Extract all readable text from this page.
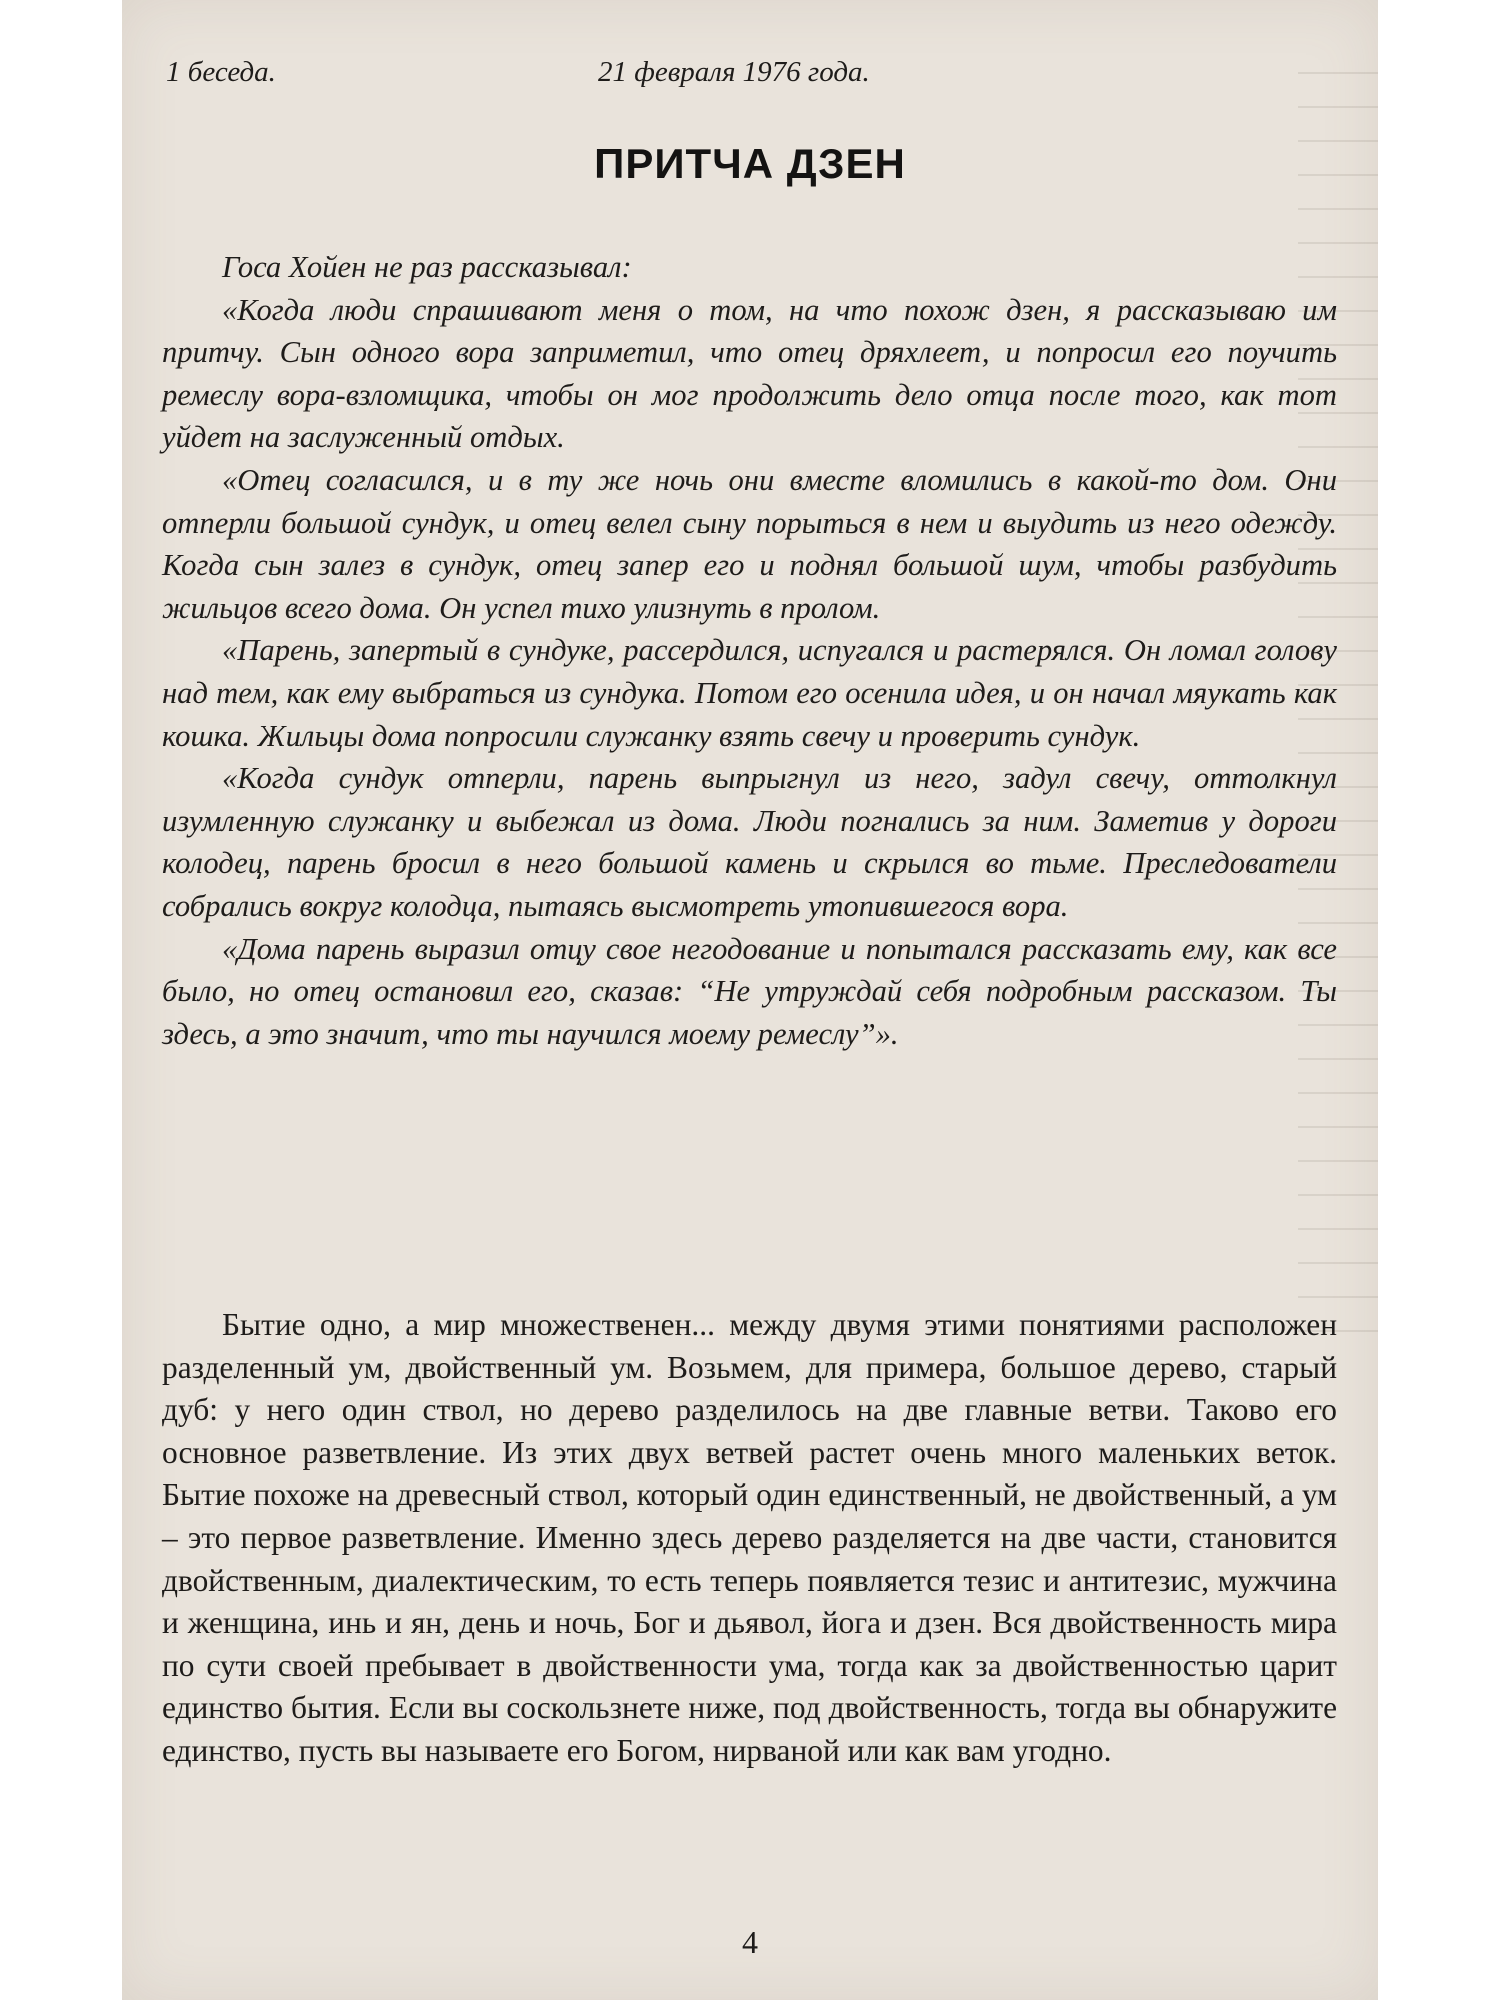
1 беседа.	21 февраля 1976 года.
ПРИТЧА ДЗЕН

Госа Хойен не раз рассказывал:

«Когда люди спрашивают меня о том, на что похож дзен, я рассказываю им притчу. Сын одного вора заприметил, что отец дряхлеет, и попросил его поучить ремеслу вора-взломщика, чтобы он мог продолжить дело отца после того, как тот уйдет на заслуженный отдых.

«Отец согласился, и в ту же ночь они вместе вломились в какой-то дом. Они отперли большой сундук, и отец велел сыну порыться в нем и выудить из него одежду. Когда сын залез в сундук, отец запер его и поднял большой шум, чтобы разбудить жильцов всего дома. Он успел тихо улизнуть в пролом.

«Парень, запертый в сундуке, рассердился, испугался и растерялся. Он ломал голову над тем, как ему выбраться из сундука. Потом его осенила идея, и он начал мяукать как кошка. Жильцы дома попросили служанку взять свечу и проверить сундук.

«Когда сундук отперли, парень выпрыгнул из него, задул свечу, оттолкнул изумленную служанку и выбежал из дома. Люди погнались за ним. Заметив у дороги колодец, парень бросил в него большой камень и скрылся во тьме. Преследователи собрались вокруг колодца, пытаясь высмотреть утопившегося вора.

«Дома парень выразил отцу свое негодование и попытался рассказать ему, как все было, но отец остановил его, сказав: “Не утруждай себя подробным рассказом. Ты здесь, а это значит, что ты научился моему ремеслу”».

Бытие одно, а мир множественен... между двумя этими понятиями расположен разделенный ум, двойственный ум. Возьмем, для примера, большое дерево, старый дуб: у него один ствол, но дерево разделилось на две главные ветви. Таково его основное разветвление. Из этих двух ветвей растет очень много маленьких веток. Бытие похоже на древесный ствол, который один единственный, не двойственный, а ум – это первое разветвление. Именно здесь дерево разделяется на две части, становится двойственным, диалектическим, то есть теперь появляется тезис и антитезис, мужчина и женщина, инь и ян, день и ночь, Бог и дьявол, йога и дзен. Вся двойственность мира по сути своей пребывает в двойственности ума, тогда как за двойственностью царит единство бытия. Если вы соскользнете ниже, под двойственность, тогда вы обнаружите единство, пусть вы называете его Богом, нирваной или как вам угодно.

4
